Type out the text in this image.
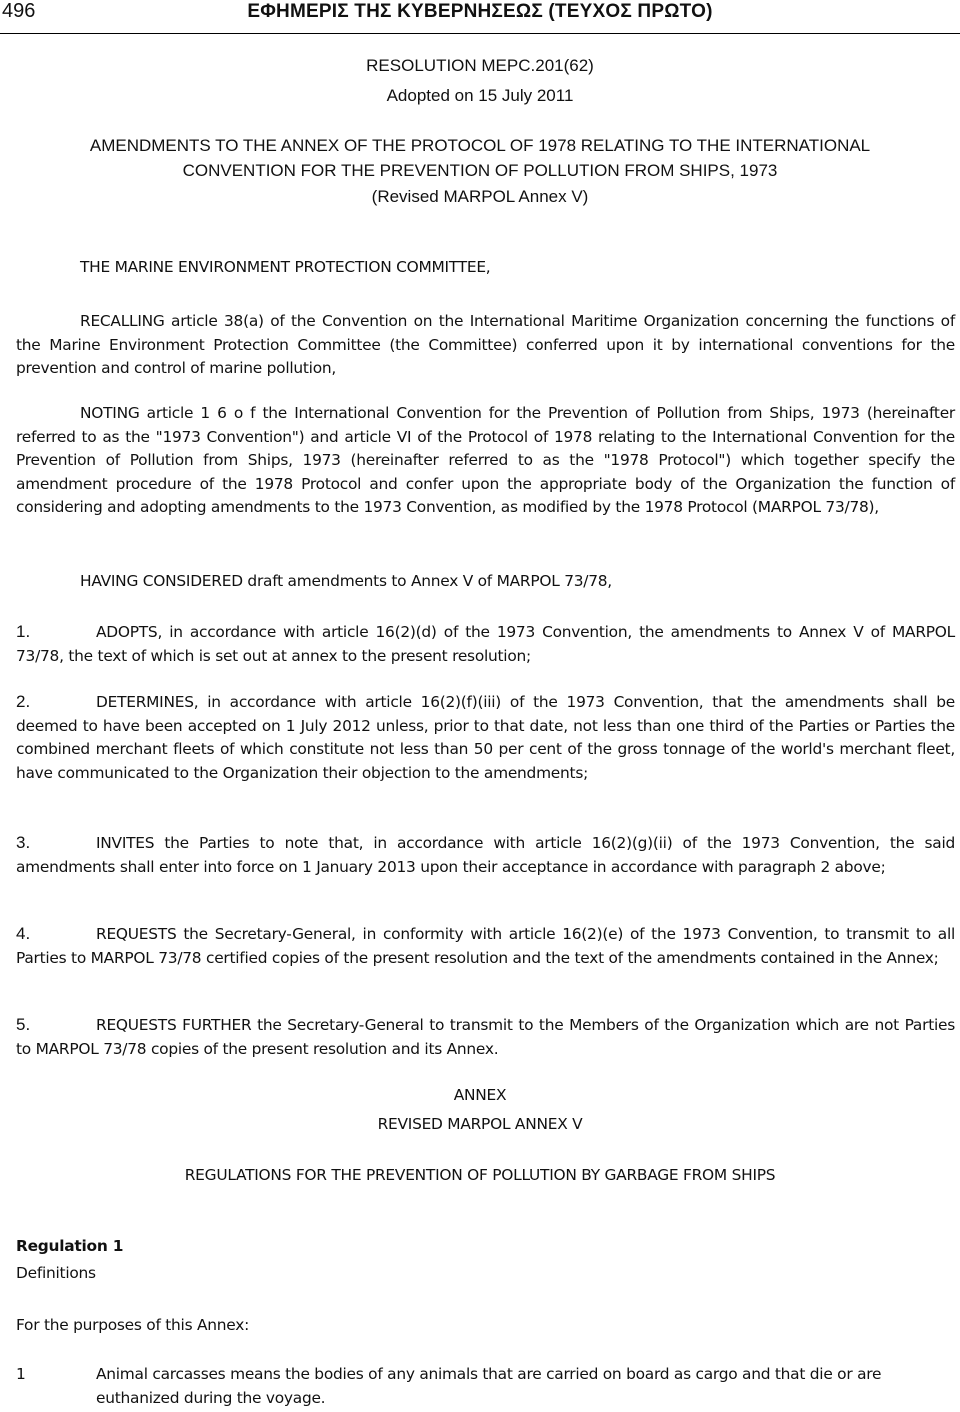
496	ΕΦΗΜΕΡΙΣ ΤΗΣ ΚΥΒΕΡΝΗΣΕΩΣ (ΤΕΥΧΟΣ ΠΡΩΤΟ)
RESOLUTION MEPC.201(62)
Adopted on 15 July 2011
AMENDMENTS TO THE ANNEX OF THE PROTOCOL OF 1978 RELATING TO THE INTERNATIONAL
CONVENTION FOR THE PREVENTION OF POLLUTION FROM SHIPS, 1973
(Revised MARPOL Annex V)
THE MARINE ENVIRONMENT PROTECTION COMMITTEE,
RECALLING article 38(a) of the Convention on the International Maritime Organization concerning the functions of the Marine Environment Protection Committee (the Committee) conferred upon it by international conventions for the prevention and control of marine pollution,
NOTING article 1 6 o f the International Convention for the Prevention of Pollution from Ships, 1973 (hereinafter referred to as the "1973 Convention") and article VI of the Protocol of 1978 relating to the International Convention for the Prevention of Pollution from Ships, 1973 (hereinafter referred to as the "1978 Protocol") which together specify the amendment procedure of the 1978 Protocol and confer upon the appropriate body of the Organization the function of considering and adopting amendments to the 1973 Convention, as modified by the 1978 Protocol (MARPOL 73/78),
HAVING CONSIDERED draft amendments to Annex V of MARPOL 73/78,
1.	ADOPTS, in accordance with article 16(2)(d) of the 1973 Convention, the amendments to Annex V of MARPOL 73/78, the text of which is set out at annex to the present resolution;
2.	DETERMINES, in accordance with article 16(2)(f)(iii) of the 1973 Convention, that the amendments shall be deemed to have been accepted on 1 July 2012 unless, prior to that date, not less than one third of the Parties or Parties the combined merchant fleets of which constitute not less than 50 per cent of the gross tonnage of the world's merchant fleet, have communicated to the Organization their objection to the amendments;
3.	INVITES the Parties to note that, in accordance with article 16(2)(g)(ii) of the 1973 Convention, the said amendments shall enter into force on 1 January 2013 upon their acceptance in accordance with paragraph 2 above;
4.	REQUESTS the Secretary-General, in conformity with article 16(2)(e) of the 1973 Convention, to transmit to all Parties to MARPOL 73/78 certified copies of the present resolution and the text of the amendments contained in the Annex;
5.	REQUESTS FURTHER the Secretary-General to transmit to the Members of the Organization which are not Parties to MARPOL 73/78 copies of the present resolution and its Annex.
ANNEX
REVISED MARPOL ANNEX V
REGULATIONS FOR THE PREVENTION OF POLLUTION BY GARBAGE FROM SHIPS
Regulation 1
Definitions
For the purposes of this Annex:
1	Animal carcasses means the bodies of any animals that are carried on board as cargo and that die or are euthanized during the voyage.
